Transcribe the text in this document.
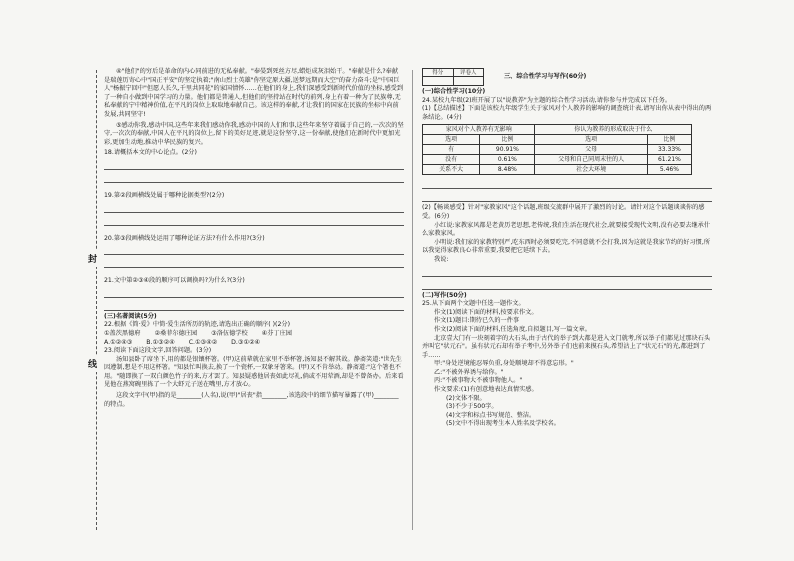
封
线

④"他们"的穷后是革命的内心同前进的无私奉献。"奉晏到死丝方尽,蜡炬成灰泪始干。"奉献是什么?奉献是瑞莲历寄心中"国正平安"的坚定执着;"南山烈士英雄"你坚定原大疆,送梦远期而大空"的奋力奋斗;是"中国巨人"杨振宁回中"但愿人长久,千里共同花"的家国情怀……在他们的身上,我们深感受到新时代价值的坐标,感受到了一种自小做到中国学习的力量。他们都是普通人,但他们的坚持站在时代的前列,身上有着一种为了民族尊,无私奉献的宁中精神价值,在平凡的岗位上取取地奉献自己。该这样的奉献,才让我们的国家在民族的坐标中向前发展,共同坚守!

⑤感动你我,感动中国,这些年来我们感动你我,感动中国的人们和事,这些年来坚守着属于自己的,一次次的坚守,一次次的奉献,中国人在平凡的岗位上,留下的美好足迹,就是这份坚守,这一份奉献,使他们在新时代中更加光彩,更加生动地,推动中华民族的复兴。

18.请概括本文的中心论点。(2分)

19.第②段画横线处属于哪种论据类型?(2分)

20.第③段画横线处运用了哪种论证方法?有什么作用?(3分)

21.文中第②③④段的顺序可以调换吗?为什么?(3分)

(三)名著阅读(5分)

22.根据《简·爱》中简·爱生活所历的轨迹,请选出正确的顺序( )(2分)

①盖茨黑德府 ②桑菲尔德庄园 ③洛伍德学校 ④芬丁庄园
A.①②④③ B.①③②④ C.①③④② D.③①②④

23.阅读下面这段文字,回答问题。(3分)

汤知县卧了席坐下,用的都是银镶杯箸。(甲)这前辈就在家里不举杯箸,汤知县不解其故。静斋笑道:"世先生因遵制,想是不用这杯箸。"知县忙叫换去,换了一个瓷杯,一双象牙箸来。(甲)又不肯举动。静斋道:"这个箸也不用。"随即换了一双白颜色竹子的来,方才罢了。知县疑惑他居丧如此尽礼,倘或不用荤酒,却是不曾备办。后来看见他在燕窝碗里拣了一个大虾元子送在嘴里,方才放心。

这段文字中(甲)指的是________(人名),说(甲)"居丧"指________,该选段中的细节描写暴露了(甲)________的特点。

得分	评卷人	三、综合性学习与写作(60分)

(一)综合性学习(10分)

24.某校九年级(2)班开展了以"说教养"为主题的综合性学习活动,请你参与并完成以下任务。

(1)【总结描述】下面是该校九年级学生关于家风对个人教养的影响的调查统计表,请写出你从表中得出的两条结论。(4分)

家风对个人教养有无影响		你认为教养的形成取决于什么	
选项	比例	选项	比例
有	90.91%	父母	33.33%
没有	0.61%	父母和自己同周末往的人	61.21%
关系不大	8.48%	社会大环境	5.46%

(2)【畅谈感受】针对"家教家风"这个话题,班级交流群中展开了激烈的讨论。请针对这个话题谈谈你的感受。(6分)

小红说:家教家风都是老黄历老思想,老传统,我们生活在现代社会,就要接受现代文明,没有必要去继承什么家教家风。

小明说:我们家的家教特别严,吃东西时必须要吃完,不同意就不会打我,因为这就是我家节约的好习惯,所以我觉得家教良心非常重要,我要把它延续下去。

我说:

(二)写作(50分)

25.从下面两个文题中任选一题作文。

作文(1)阅读下面的材料,按要求作文。

作文(1)题目:期待已久的一件事

作文(2)阅读下面的材料,任选角度,自拟题目,写一篇文章。

北京壹大门有一块刻着字的大石头,由于古代的举子到大都是进入文门就考,所以举子们都见过那块石头并叫它"状元石"。虽有状元石却有举子考中,另外举子们也前来摸石头,希望沾上了"状元石"的光,都进到了手……

甲:"身处逆境能忍辱负重,身处顺境却不得意忘形。"

乙:"不被外界诱与给你。"

丙:"不被事物大不被事物他人。"

作文要求:(1)有创意地表达真情实感。

(2)文体不限。

(3)不少于500字。

(4)文字和标点书写规范、整洁。

(5)文中不得出现考生本人姓名及学校名。
